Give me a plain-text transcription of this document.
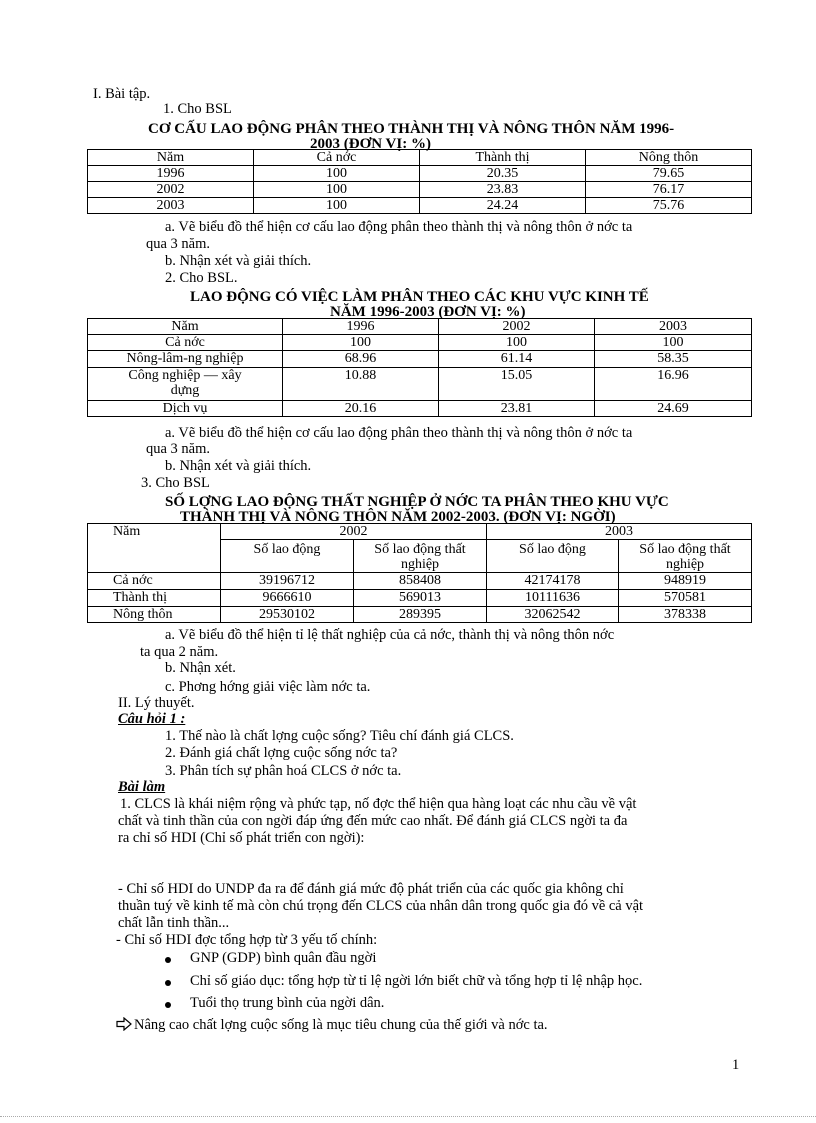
I. Bài tập.
1. Cho BSL
CƠ CẤU LAO ĐỘNG PHÂN THEO THÀNH THỊ VÀ NÔNG THÔN NĂM 1996-
2003 (ĐƠN VỊ: %)
Năm	Cả nớc	Thành thị	Nông thôn
1996	100	20.35	79.65
2002	100	23.83	76.17
2003	100	24.24	75.76
a. Vẽ biểu đồ thể hiện cơ cấu lao động phân theo thành thị và nông thôn ở nớc ta
qua 3 năm.
b. Nhận xét và giải thích.
2. Cho BSL.
LAO ĐỘNG CÓ VIỆC LÀM PHÂN THEO CÁC KHU VỰC KINH TẾ
NĂM 1996-2003 (ĐƠN VỊ: %)
Năm	1996	2002	2003
Cả nớc	100	100	100
Nông-lâm-ng nghiệp	68.96	61.14	58.35
Công nghiệp — xây dựng	10.88	15.05	16.96
Dịch vụ	20.16	23.81	24.69
a. Vẽ biểu đồ thể hiện cơ cấu lao động phân theo thành thị và nông thôn ở nớc ta
qua 3 năm.
b. Nhận xét và giải thích.
3. Cho BSL
SỐ LỢNG LAO ĐỘNG THẤT NGHIỆP Ở NỚC TA PHÂN THEO KHU VỰC
THÀNH THỊ VÀ NÔNG THÔN NĂM 2002-2003. (ĐƠN VỊ: NGỜI)
Năm	2002		2003	
	Số lao động	Số lao động thất nghiệp	Số lao động	Số lao động thất nghiệp
Cả nớc	39196712	858408	42174178	948919
Thành thị	9666610	569013	10111636	570581
Nông thôn	29530102	289395	32062542	378338
a. Vẽ biểu đồ thể hiện tỉ lệ thất nghiệp của cả nớc, thành thị và nông thôn nớc
ta qua 2 năm.
b. Nhận xét.
c. Phơng hớng giải việc làm nớc ta.
II. Lý thuyết.
Câu hỏi 1 :
1. Thế nào là chất lợng cuộc sống? Tiêu chí đánh giá CLCS.
2. Đánh giá chất lợng cuộc sống nớc ta?
3. Phân tích sự phân hoá CLCS ở nớc ta.
Bài làm
1. CLCS là khái niệm rộng và phức tạp, nố đợc thể hiện qua hàng loạt các nhu cầu về vật
chất và tinh thần của con ngời đáp ứng đến mức cao nhất. Để đánh giá CLCS ngời ta đa
ra chỉ số HDI (Chỉ số phát triển con ngời):
- Chỉ số HDI do UNDP đa ra để đánh giá mức độ phát triển của các quốc gia không chỉ
thuần tuý về kinh tế mà còn chú trọng đến CLCS của nhân dân trong quốc gia đó về cả vật
chất lẫn tinh thần...
- Chỉ số HDI đợc tổng hợp từ 3 yếu tố chính:
GNP (GDP) bình quân đầu ngời
Chỉ số giáo dục: tổng hợp từ tỉ lệ ngời lớn biết chữ và tổng hợp tỉ lệ nhập học.
Tuổi thọ trung bình của ngời dân.
Nâng cao chất lợng cuộc sống là mục tiêu chung của thế giới và nớc ta.
1
